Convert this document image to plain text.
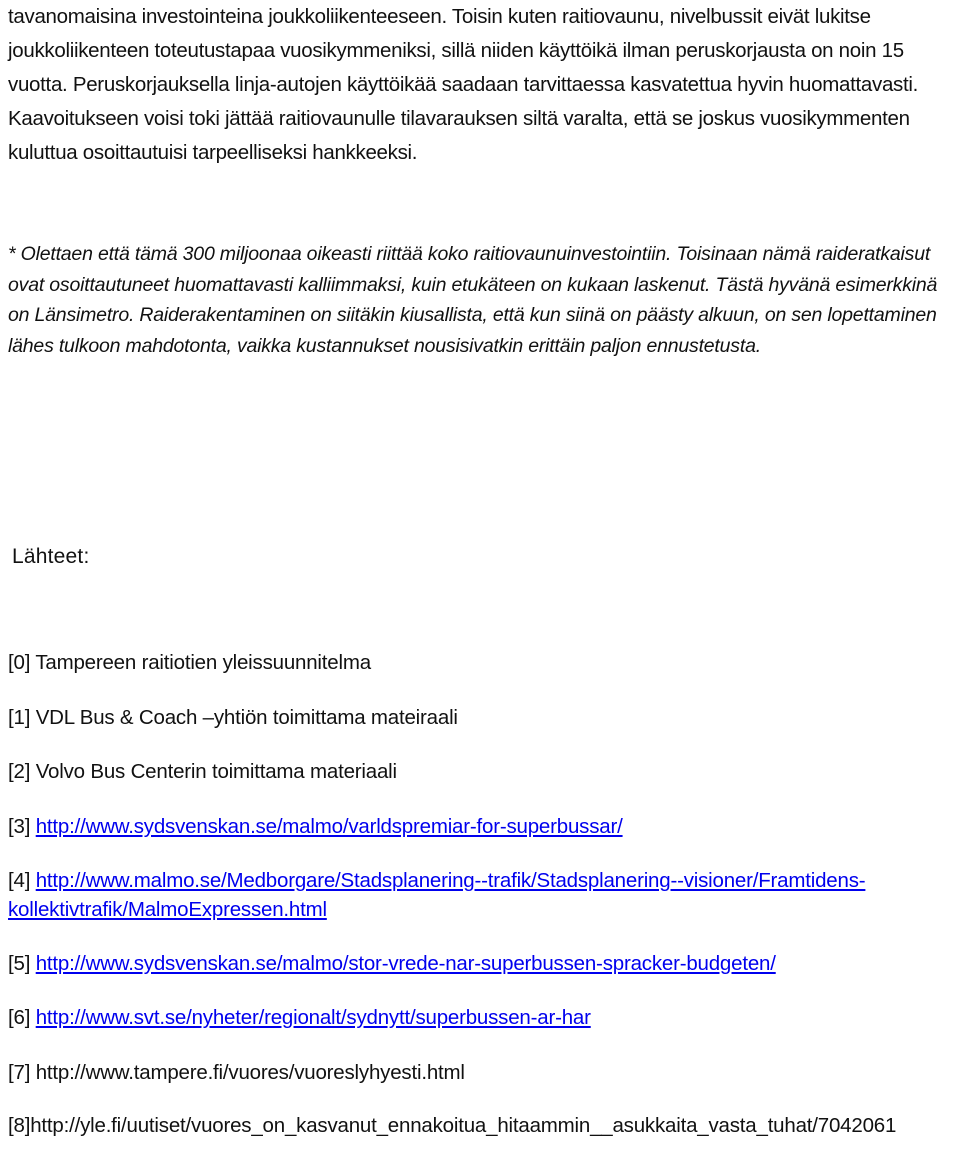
tavanomaisina investointeina joukkoliikenteeseen. Toisin kuten raitiovaunu, nivelbussit eivät lukitse joukkoliikenteen toteutustapaa vuosikymmeniksi, sillä niiden käyttöikä ilman peruskorjausta on noin 15 vuotta. Peruskorjauksella linja-autojen käyttöikää saadaan tarvittaessa kasvatettua hyvin huomattavasti. Kaavoitukseen voisi toki jättää raitiovaunulle tilavarauksen siltä varalta, että se joskus vuosikymmenten kuluttua osoittautuisi tarpeelliseksi hankkeeksi.

* Olettaen että tämä 300 miljoonaa oikeasti riittää koko raitiovaunuinvestointiin. Toisinaan nämä raideratkaisut ovat osoittautuneet huomattavasti kalliimmaksi, kuin etukäteen on kukaan laskenut. Tästä hyvänä esimerkkinä on Länsimetro. Raiderakentaminen on siitäkin kiusallista, että kun siinä on päästy alkuun, on sen lopettaminen lähes tulkoon mahdotonta, vaikka kustannukset nousisivatkin erittäin paljon ennustetusta.

Lähteet:
[0] Tampereen raitiotien yleissuunnitelma
[1] VDL Bus & Coach –yhtiön toimittama mateiraali
[2] Volvo Bus Centerin toimittama materiaali
[3] http://www.sydsvenskan.se/malmo/varldspremiar-for-superbussar/
[4] http://www.malmo.se/Medborgare/Stadsplanering--trafik/Stadsplanering--visioner/Framtidens-kollektivtrafik/MalmoExpressen.html
[5] http://www.sydsvenskan.se/malmo/stor-vrede-nar-superbussen-spracker-budgeten/
[6] http://www.svt.se/nyheter/regionalt/sydnytt/superbussen-ar-har
[7] http://www.tampere.fi/vuores/vuoreslyhyesti.html
[8]http://yle.fi/uutiset/vuores_on_kasvanut_ennakoitua_hitaammin__asukkaita_vasta_tuhat/7042061
